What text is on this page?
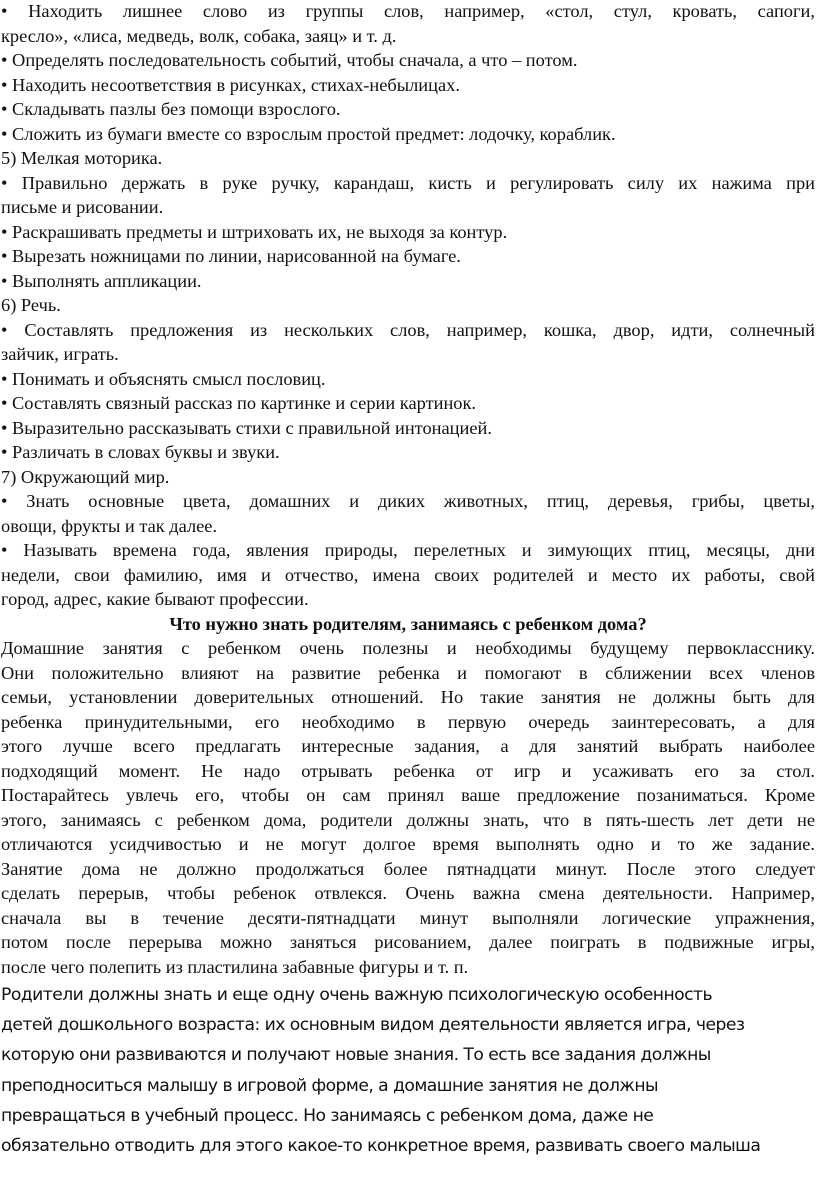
• Находить лишнее слово из группы слов, например, «стол, стул, кровать, сапоги,

кресло», «лиса, медведь, волк, собака, заяц» и т. д.

• Определять последовательность событий, чтобы сначала, а что – потом.

• Находить несоответствия в рисунках, стихах-небылицах.

• Складывать пазлы без помощи взрослого.

• Сложить из бумаги вместе со взрослым простой предмет: лодочку, кораблик.

5) Мелкая моторика.

• Правильно держать в руке ручку, карандаш, кисть и регулировать силу их нажима при

письме и рисовании.

• Раскрашивать предметы и штриховать их, не выходя за контур.

• Вырезать ножницами по линии, нарисованной на бумаге.

• Выполнять аппликации.

6) Речь.

• Составлять предложения из нескольких слов, например, кошка, двор, идти, солнечный

зайчик, играть.

• Понимать и объяснять смысл пословиц.

• Составлять связный рассказ по картинке и серии картинок.

• Выразительно рассказывать стихи с правильной интонацией.

• Различать в словах буквы и звуки.

7) Окружающий мир.

• Знать основные цвета, домашних и диких животных, птиц, деревья, грибы, цветы,

овощи, фрукты и так далее.

• Называть времена года, явления природы, перелетных и зимующих птиц, месяцы, дни

недели, свои фамилию, имя и отчество, имена своих родителей и место их работы, свой

город, адрес, какие бывают профессии.

Что нужно знать родителям, занимаясь с ребенком дома?

Домашние занятия с ребенком очень полезны и необходимы будущему первокласснику.

Они положительно влияют на развитие ребенка и помогают в сближении всех членов

семьи, установлении доверительных отношений. Но такие занятия не должны быть для

ребенка принудительными, его необходимо в первую очередь заинтересовать, а для

этого лучше всего предлагать интересные задания, а для занятий выбрать наиболее

подходящий момент. Не надо отрывать ребенка от игр и усаживать его за стол.

Постарайтесь увлечь его, чтобы он сам принял ваше предложение позаниматься. Кроме

этого, занимаясь с ребенком дома, родители должны знать, что в пять-шесть лет дети не

отличаются усидчивостью и не могут долгое время выполнять одно и то же задание.

Занятие дома не должно продолжаться более пятнадцати минут. После этого следует

сделать перерыв, чтобы ребенок отвлекся. Очень важна смена деятельности. Например,

сначала вы в течение десяти-пятнадцати минут выполняли логические упражнения,

потом после перерыва можно заняться рисованием, далее поиграть в подвижные игры,

после чего полепить из пластилина забавные фигуры и т. п.

Родители должны знать и еще одну очень важную психологическую особенность

детей дошкольного возраста: их основным видом деятельности является игра, через

которую они развиваются и получают новые знания. То есть все задания должны

преподноситься малышу в игровой форме, а домашние занятия не должны

превращаться в учебный процесс. Но занимаясь с ребенком дома, даже не

обязательно отводить для этого какое-то конкретное время, развивать своего малыша
